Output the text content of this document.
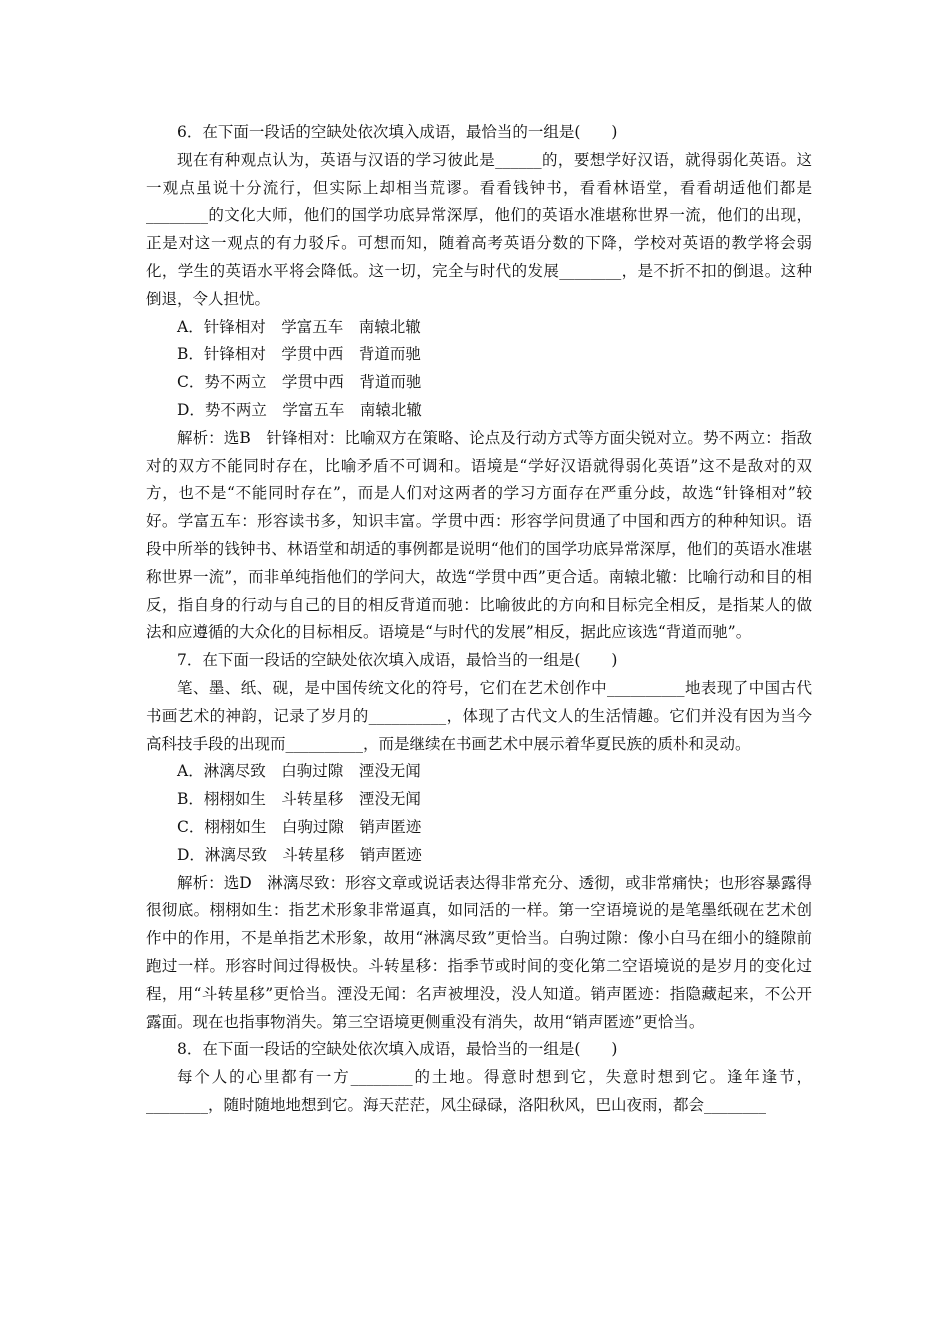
6．在下面一段话的空缺处依次填入成语，最恰当的一组是(　　)

现在有种观点认为，英语与汉语的学习彼此是______的，要想学好汉语，就得弱化英语。这一观点虽说十分流行，但实际上却相当荒谬。看看钱钟书，看看林语堂，看看胡适他们都是________的文化大师，他们的国学功底异常深厚，他们的英语水准堪称世界一流，他们的出现，正是对这一观点的有力驳斥。可想而知，随着高考英语分数的下降，学校对英语的教学将会弱化，学生的英语水平将会降低。这一切，完全与时代的发展________，是不折不扣的倒退。这种倒退，令人担忧。

A．针锋相对　学富五车　南辕北辙

B．针锋相对　学贯中西　背道而驰

C．势不两立　学贯中西　背道而驰

D．势不两立　学富五车　南辕北辙

解析：选B　针锋相对：比喻双方在策略、论点及行动方式等方面尖锐对立。势不两立：指敌对的双方不能同时存在，比喻矛盾不可调和。语境是“学好汉语就得弱化英语”这不是敌对的双方，也不是“不能同时存在”，而是人们对这两者的学习方面存在严重分歧，故选“针锋相对”较好。学富五车：形容读书多，知识丰富。学贯中西：形容学问贯通了中国和西方的种种知识。语段中所举的钱钟书、林语堂和胡适的事例都是说明“他们的国学功底异常深厚，他们的英语水准堪称世界一流”，而非单纯指他们的学问大，故选“学贯中西”更合适。南辕北辙：比喻行动和目的相反，指自身的行动与自己的目的相反背道而驰：比喻彼此的方向和目标完全相反，是指某人的做法和应遵循的大众化的目标相反。语境是“与时代的发展”相反，据此应该选“背道而驰”。

7．在下面一段话的空缺处依次填入成语，最恰当的一组是(　　)

笔、墨、纸、砚，是中国传统文化的符号，它们在艺术创作中__________地表现了中国古代书画艺术的神韵，记录了岁月的__________，体现了古代文人的生活情趣。它们并没有因为当今高科技手段的出现而__________，而是继续在书画艺术中展示着华夏民族的质朴和灵动。

A．淋漓尽致　白驹过隙　湮没无闻

B．栩栩如生　斗转星移　湮没无闻

C．栩栩如生　白驹过隙　销声匿迹

D．淋漓尽致　斗转星移　销声匿迹

解析：选D　淋漓尽致：形容文章或说话表达得非常充分、透彻，或非常痛快；也形容暴露得很彻底。栩栩如生：指艺术形象非常逼真，如同活的一样。第一空语境说的是笔墨纸砚在艺术创作中的作用，不是单指艺术形象，故用“淋漓尽致”更恰当。白驹过隙：像小白马在细小的缝隙前跑过一样。形容时间过得极快。斗转星移：指季节或时间的变化第二空语境说的是岁月的变化过程，用“斗转星移”更恰当。湮没无闻：名声被埋没，没人知道。销声匿迹：指隐藏起来，不公开露面。现在也指事物消失。第三空语境更侧重没有消失，故用“销声匿迹”更恰当。

8．在下面一段话的空缺处依次填入成语，最恰当的一组是(　　)

每个人的心里都有一方________的土地。得意时想到它，失意时想到它。逢年逢节，________，随时随地地想到它。海天茫茫，风尘碌碌，洛阳秋风，巴山夜雨，都会________
